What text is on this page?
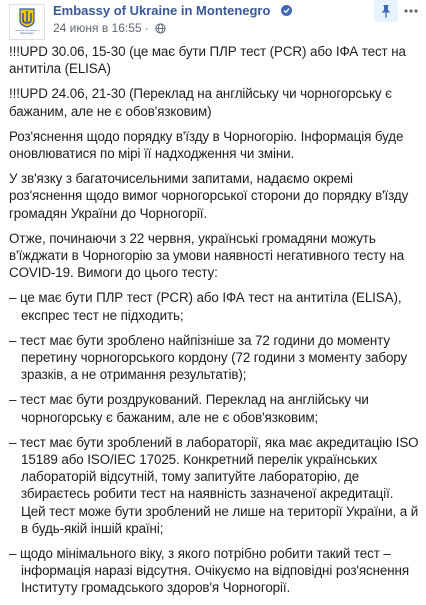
Ukrainian Embassy in Montenegro
Embassy of Ukraine in Montenegro
24 июня в 16:55 ·

!!!UPD 30.06, 15-30 (це має бути ПЛР тест (PCR) або ІФА тест на антитіла (ELISA)

!!!UPD 24.06, 21-30 (Переклад на англійську чи чорногорську є бажаним, але не є обов'язковим)

Роз'яснення щодо порядку в'їзду в Чорногорію. Інформація буде оновлюватися по мірі її надходження чи зміни.

У зв'язку з багаточисельними запитами, надаємо окремі роз'яснення щодо вимог чорногорської сторони до порядку в'їзду громадян України до Чорногорії.

Отже, починаючи з 22 червня, українські громадяни можуть в'їжджати в Чорногорію за умови наявності негативного тесту на COVID-19. Вимоги до цього тесту:

– це має бути ПЛР тест (PCR) або ІФА тест на антитіла (ELISA), експрес тест не підходить;

– тест має бути зроблено найпізніше за 72 години до моменту перетину чорногорського кордону (72 години з моменту забору зразків, а не отримання результатів);

– тест має бути роздрукований. Переклад на англійську чи чорногорську є бажаним, але не є обов'язковим;

– тест має бути зроблений в лабораторії, яка має акредитацію ISO 15189 або ISO/IEC 17025. Конкретний перелік українських лабораторій відсутній, тому запитуйте лабораторію, де збираєтесь робити тест на наявність зазначеної акредитації. Цей тест може бути зроблений не лише на території України, а й в будь-якій іншій країні;

– щодо мінімального віку, з якого потрібно робити такий тест – інформація наразі відсутня. Очікуємо на відповідні роз'яснення Інституту громадського здоров'я Чорногорії.
